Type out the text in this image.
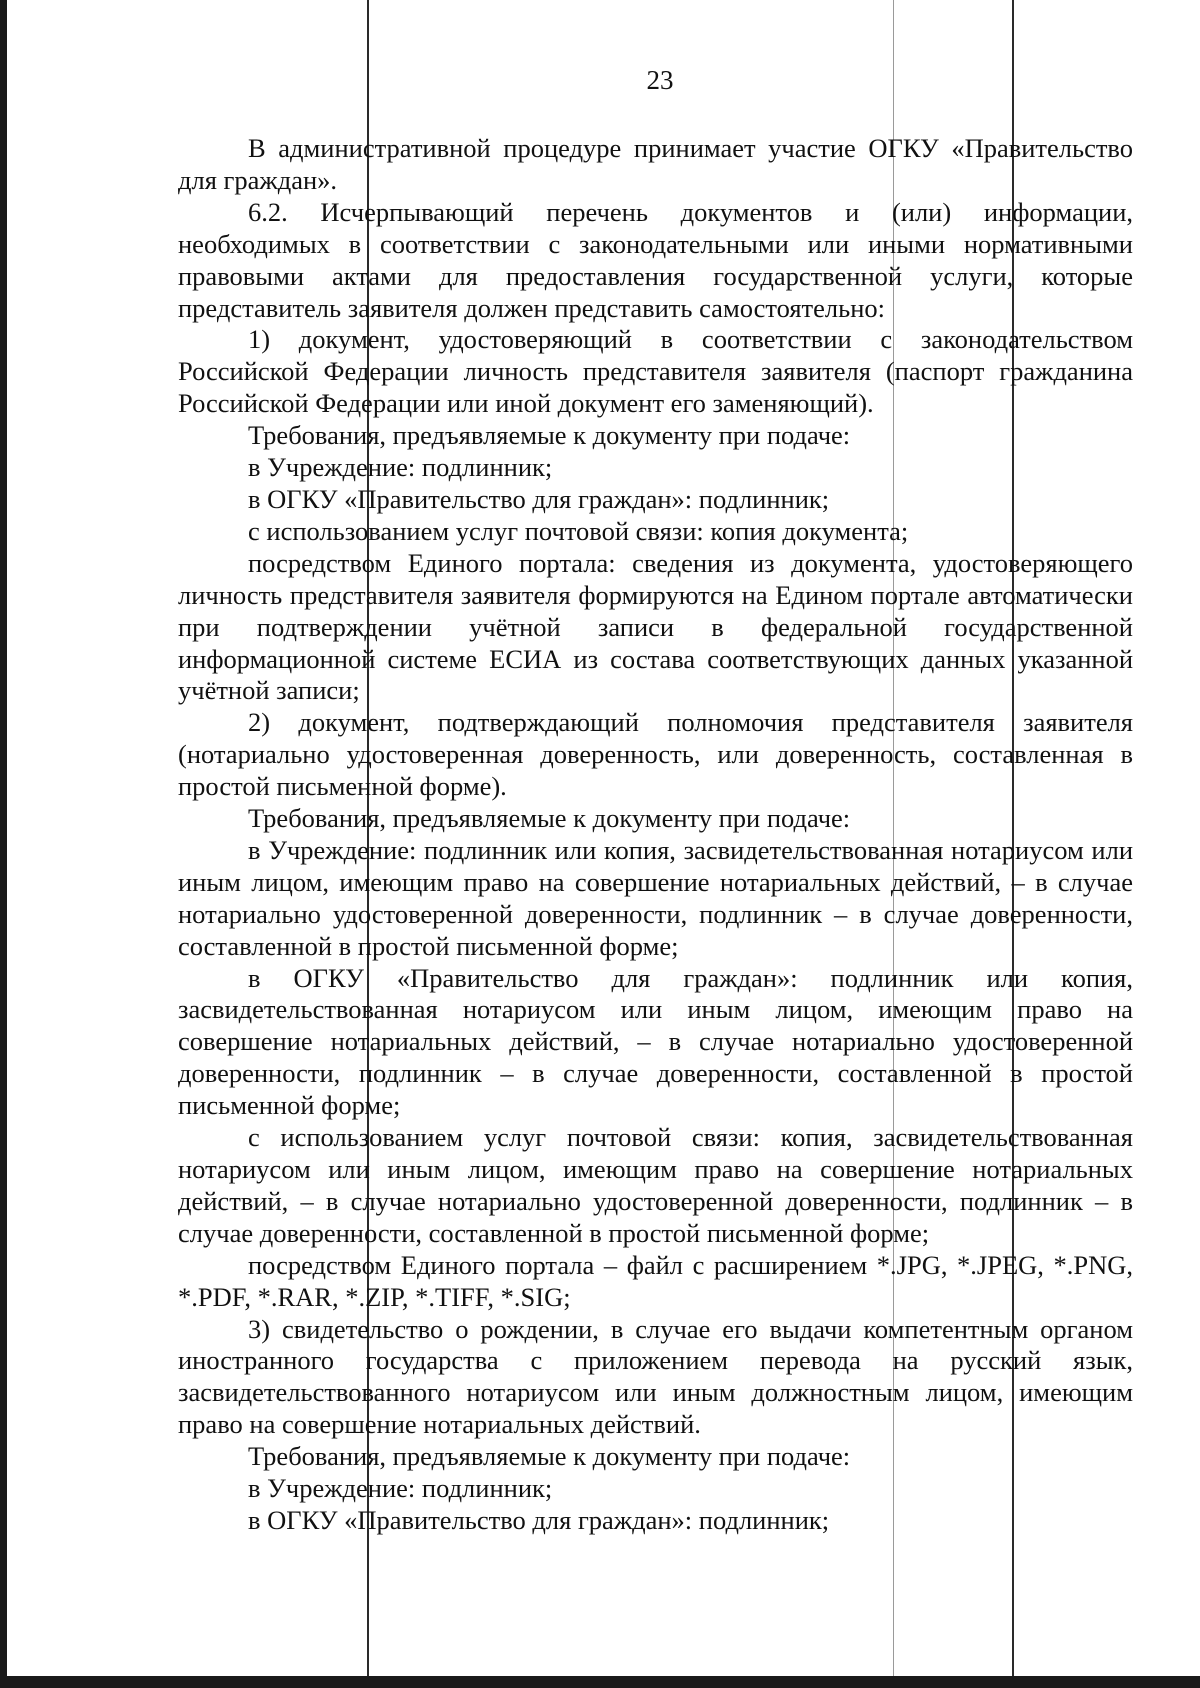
23

В административной процедуре принимает участие ОГКУ «Правительство для граждан».

6.2. Исчерпывающий перечень документов и (или) информации, необходимых в соответствии с законодательными или иными нормативными правовыми актами для предоставления государственной услуги, которые представитель заявителя должен представить самостоятельно:

1) документ, удостоверяющий в соответствии с законодательством Российской Федерации личность представителя заявителя (паспорт гражданина Российской Федерации или иной документ его заменяющий).

Требования, предъявляемые к документу при подаче:

в Учреждение: подлинник;

в ОГКУ «Правительство для граждан»: подлинник;

с использованием услуг почтовой связи: копия документа;

посредством Единого портала: сведения из документа, удостоверяющего личность представителя заявителя формируются на Едином портале автоматически при подтверждении учётной записи в федеральной государственной информационной системе ЕСИА из состава соответствующих данных указанной учётной записи;

2) документ, подтверждающий полномочия представителя заявителя (нотариально удостоверенная доверенность, или доверенность, составленная в простой письменной форме).

Требования, предъявляемые к документу при подаче:

в Учреждение: подлинник или копия, засвидетельствованная нотариусом или иным лицом, имеющим право на совершение нотариальных действий, – в случае нотариально удостоверенной доверенности, подлинник – в случае доверенности, составленной в простой письменной форме;

в ОГКУ «Правительство для граждан»: подлинник или копия, засвидетельствованная нотариусом или иным лицом, имеющим право на совершение нотариальных действий, – в случае нотариально удостоверенной доверенности, подлинник – в случае доверенности, составленной в простой письменной форме;

с использованием услуг почтовой связи: копия, засвидетельствованная нотариусом или иным лицом, имеющим право на совершение нотариальных действий, – в случае нотариально удостоверенной доверенности, подлинник – в случае доверенности, составленной в простой письменной форме;

посредством Единого портала – файл с расширением *.JPG, *.JPEG, *.PNG, *.PDF, *.RAR, *.ZIP, *.TIFF, *.SIG;

3) свидетельство о рождении, в случае его выдачи компетентным органом иностранного государства с приложением перевода на русский язык, засвидетельствованного нотариусом или иным должностным лицом, имеющим право на совершение нотариальных действий.

Требования, предъявляемые к документу при подаче:

в Учреждение: подлинник;

в ОГКУ «Правительство для граждан»: подлинник;
